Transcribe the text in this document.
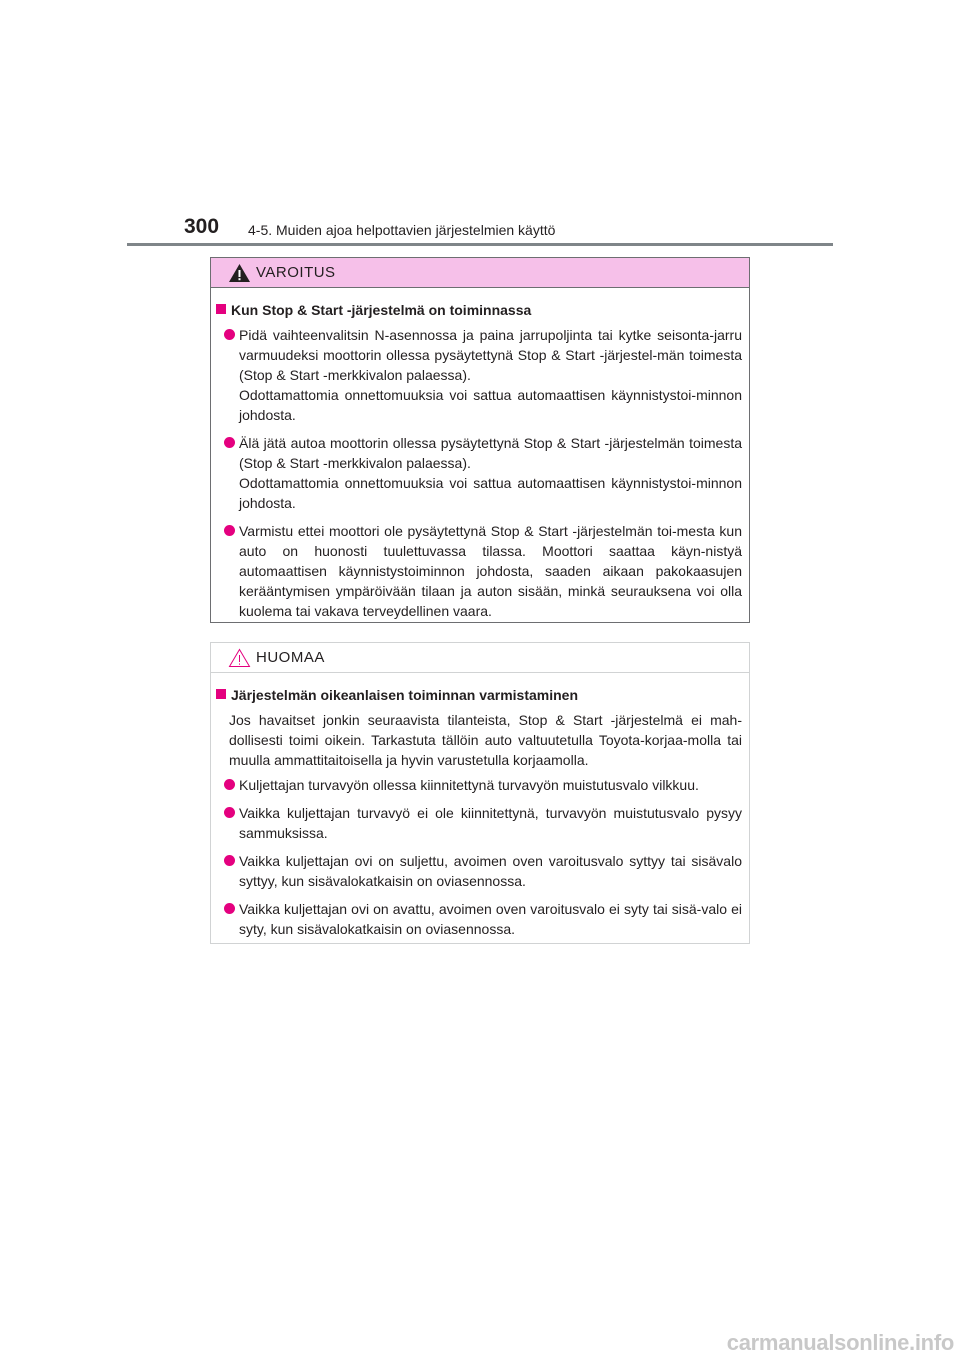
300 4-5. Muiden ajoa helpottavien järjestelmien käyttö
VAROITUS
Kun Stop & Start -järjestelmä on toiminnassa
Pidä vaihteenvalitsin N-asennossa ja paina jarrupoljinta tai kytke seisonta-jarru varmuudeksi moottorin ollessa pysäytettynä Stop & Start -järjestel-män toimesta (Stop & Start -merkkivalon palaessa).
Odottamattomia onnettomuuksia voi sattua automaattisen käynnistystoi-minnon johdosta.
Älä jätä autoa moottorin ollessa pysäytettynä Stop & Start -järjestelmän toimesta (Stop & Start -merkkivalon palaessa).
Odottamattomia onnettomuuksia voi sattua automaattisen käynnistystoi-minnon johdosta.
Varmistu ettei moottori ole pysäytettynä Stop & Start -järjestelmän toi-mesta kun auto on huonosti tuulettuvassa tilassa. Moottori saattaa käyn-nistyä automaattisen käynnistystoiminnon johdosta, saaden aikaan pakokaasujen kerääntymisen ympäröivään tilaan ja auton sisään, minkä seurauksena voi olla kuolema tai vakava terveydellinen vaara.
HUOMAA
Järjestelmän oikeanlaisen toiminnan varmistaminen
Jos havaitset jonkin seuraavista tilanteista, Stop & Start -järjestelmä ei mah-dollisesti toimi oikein. Tarkastuta tällöin auto valtuutetulla Toyota-korjaa-molla tai muulla ammattitaitoisella ja hyvin varustetulla korjaamolla.
Kuljettajan turvavyön ollessa kiinnitettynä turvavyön muistutusvalo vilkkuu.
Vaikka kuljettajan turvavyö ei ole kiinnitettynä, turvavyön muistutusvalo pysyy sammuksissa.
Vaikka kuljettajan ovi on suljettu, avoimen oven varoitusvalo syttyy tai sisävalo syttyy, kun sisävalokatkaisin on oviasennossa.
Vaikka kuljettajan ovi on avattu, avoimen oven varoitusvalo ei syty tai sisä-valo ei syty, kun sisävalokatkaisin on oviasennossa.
carmanualsonline.info
